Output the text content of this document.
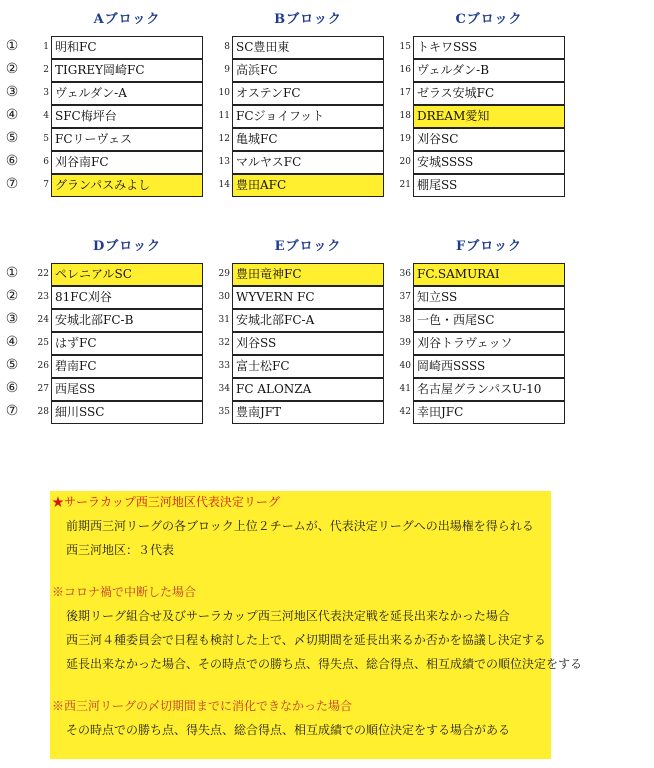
Aブロック
1 明和FC
2 TIGREY岡崎FC
3 ヴェルダン-A
4 SFC梅坪台
5 FCリーヴェス
6 刈谷南FC
7 グランパスみよし
Bブロック
8 SC豊田東
9 高浜FC
10 オステンFC
11 FCジョイフット
12 亀城FC
13 マルヤスFC
14 豊田AFC
Cブロック
15 トキワSSS
16 ヴェルダン-B
17 ゼラス安城FC
18 DREAM愛知
19 刈谷SC
20 安城SSSS
21 棚尾SS
Dブロック
22 ペレニアルSC
23 81FC刈谷
24 安城北部FC-B
25 はずFC
26 碧南FC
27 西尾SS
28 細川SSC
Eブロック
29 豊田竜神FC
30 WYVERN FC
31 安城北部FC-A
32 刈谷SS
33 富士松FC
34 FC ALONZA
35 豊南JFT
Fブロック
36 FC.SAMURAI
37 知立SS
38 一色・西尾SC
39 刈谷トラヴェッソ
40 岡崎西SSSS
41 名古屋グランパスU-10
42 幸田JFC
①
②
③
④
⑤
⑥
⑦
①
②
③
④
⑤
⑥
⑦
★サーラカップ西三河地区代表決定リーグ
前期西三河リーグの各ブロック上位２チームが、代表決定リーグへの出場権を得られる
西三河地区：３代表
※コロナ禍で中断した場合
後期リーグ組合せ及びサーラカップ西三河地区代表決定戦を延長出来なかった場合
西三河４種委員会で日程も検討した上で、〆切期間を延長出来るか否かを協議し決定する
延長出来なかった場合、その時点での勝ち点、得失点、総合得点、相互成績での順位決定をする
※西三河リーグの〆切期間までに消化できなかった場合
その時点での勝ち点、得失点、総合得点、相互成績での順位決定をする場合がある
